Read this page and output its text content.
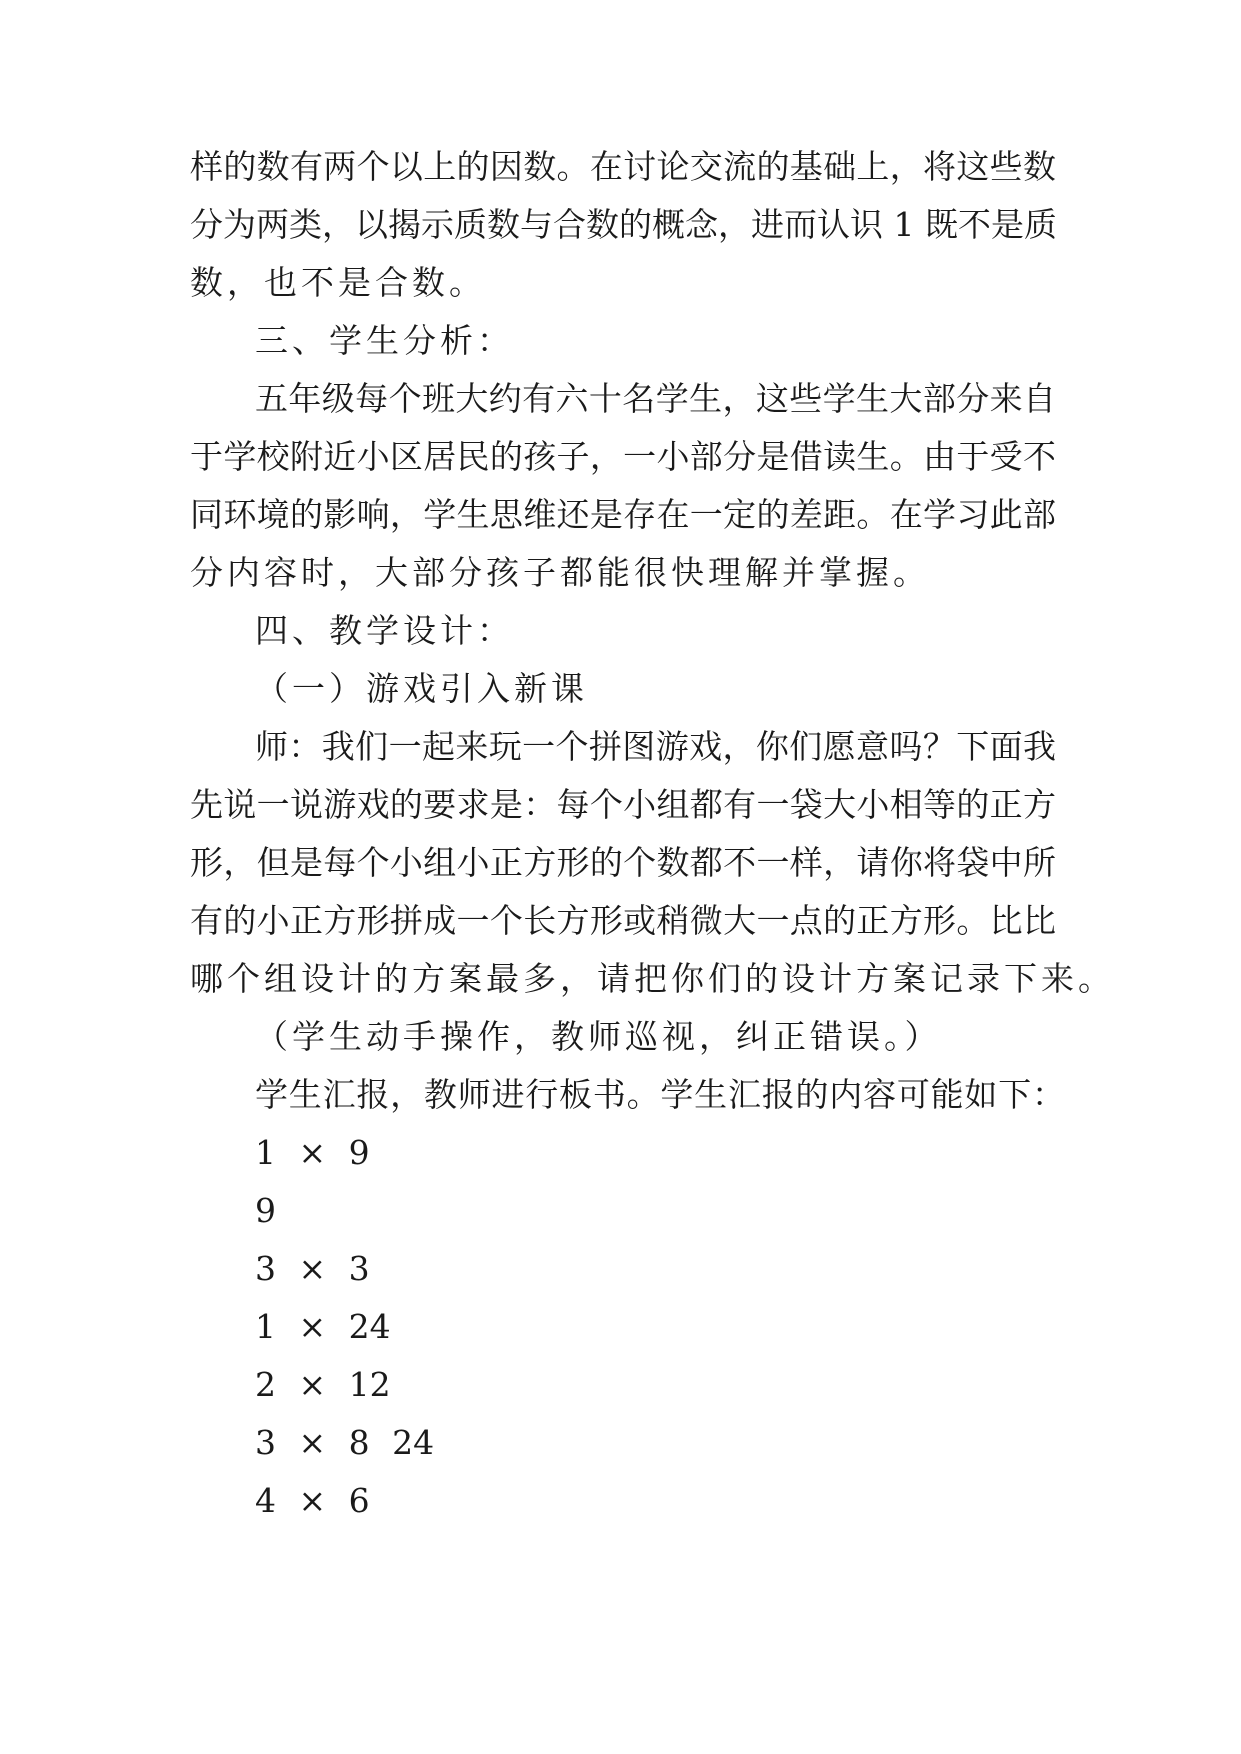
样的数有两个以上的因数。在讨论交流的基础上，将这些数
分为两类，以揭示质数与合数的概念，进而认识 1 既不是质
数，也不是合数。
三、学生分析：
五年级每个班大约有六十名学生，这些学生大部分来自
于学校附近小区居民的孩子，一小部分是借读生。由于受不
同环境的影响，学生思维还是存在一定的差距。在学习此部
分内容时，大部分孩子都能很快理解并掌握。
四、教学设计：
（一）游戏引入新课
师：我们一起来玩一个拼图游戏，你们愿意吗？下面我
先说一说游戏的要求是：每个小组都有一袋大小相等的正方
形，但是每个小组小正方形的个数都不一样，请你将袋中所
有的小正方形拼成一个长方形或稍微大一点的正方形。比比
哪个组设计的方案最多，请把你们的设计方案记录下来。
（学生动手操作，教师巡视，纠正错误。）
学生汇报，教师进行板书。学生汇报的内容可能如下：
1 × 9
9
3 × 3
1 × 24
2 × 12
3 × 8 24
4 × 6
